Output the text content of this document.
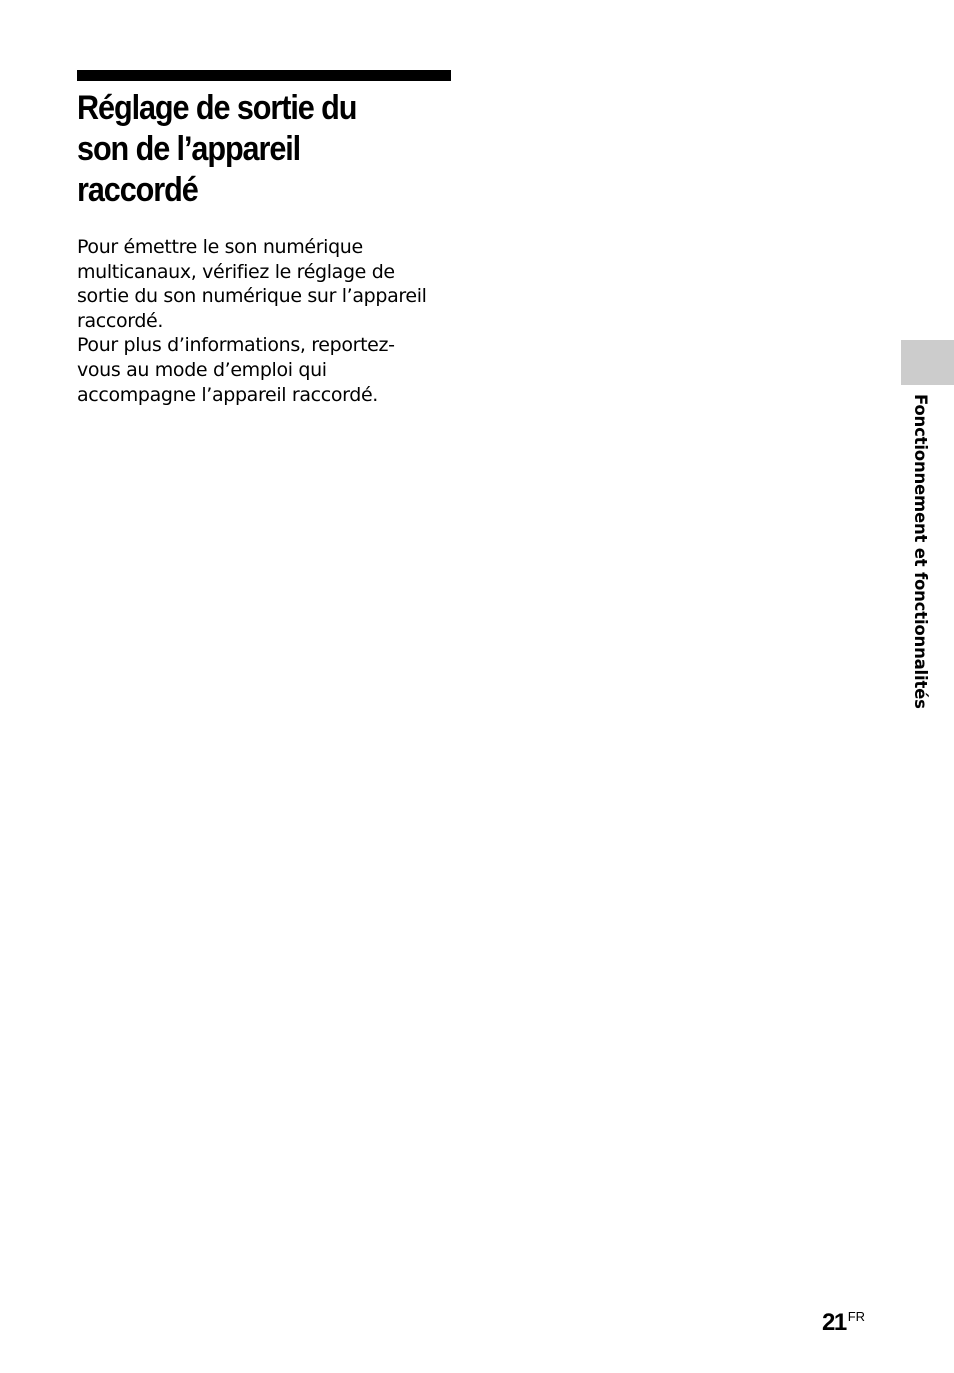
Réglage de sortie du
son de l’appareil
raccordé
Pour émettre le son numérique
multicanaux, vérifiez le réglage de
sortie du son numérique sur l’appareil
raccordé.
Pour plus d’informations, reportez-
vous au mode d’emploi qui
accompagne l’appareil raccordé.	Fonctionnement et fonctionnalités
21 $^{FR}$
